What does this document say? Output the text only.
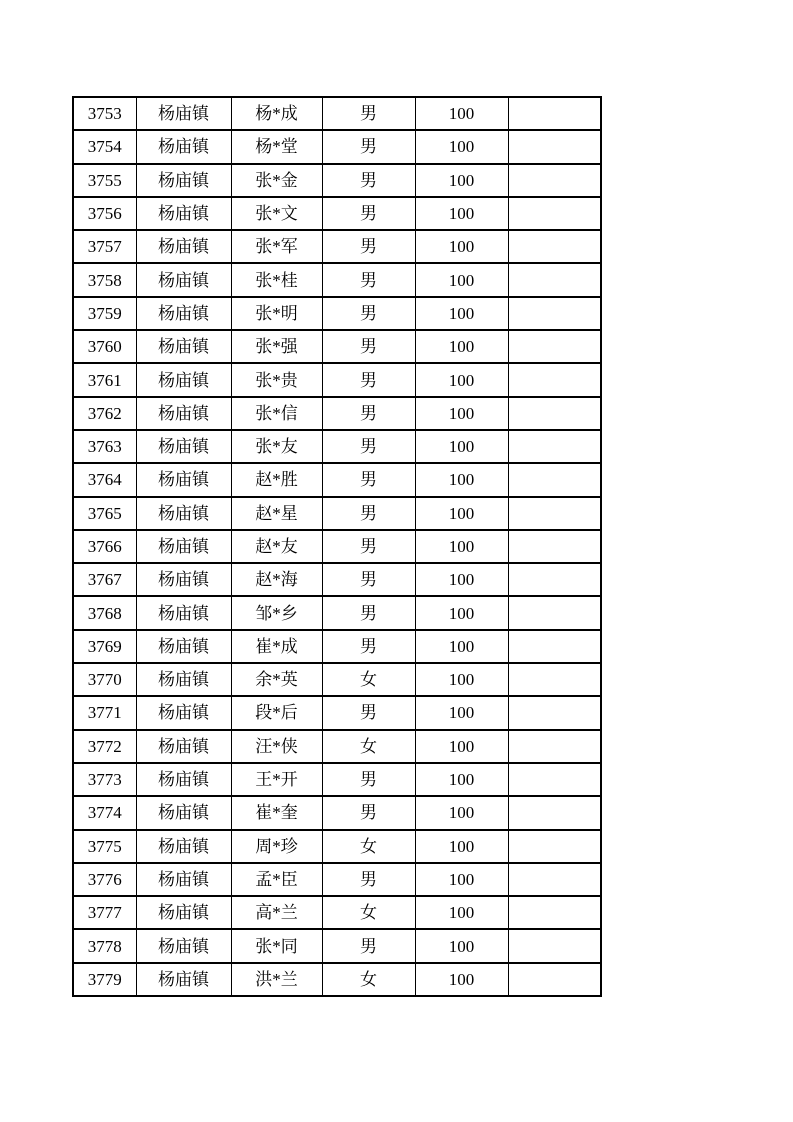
3753	杨庙镇	杨*成	男	100	
3754	杨庙镇	杨*堂	男	100	
3755	杨庙镇	张*金	男	100	
3756	杨庙镇	张*文	男	100	
3757	杨庙镇	张*军	男	100	
3758	杨庙镇	张*桂	男	100	
3759	杨庙镇	张*明	男	100	
3760	杨庙镇	张*强	男	100	
3761	杨庙镇	张*贵	男	100	
3762	杨庙镇	张*信	男	100	
3763	杨庙镇	张*友	男	100	
3764	杨庙镇	赵*胜	男	100	
3765	杨庙镇	赵*星	男	100	
3766	杨庙镇	赵*友	男	100	
3767	杨庙镇	赵*海	男	100	
3768	杨庙镇	邹*乡	男	100	
3769	杨庙镇	崔*成	男	100	
3770	杨庙镇	余*英	女	100	
3771	杨庙镇	段*后	男	100	
3772	杨庙镇	汪*侠	女	100	
3773	杨庙镇	王*开	男	100	
3774	杨庙镇	崔*奎	男	100	
3775	杨庙镇	周*珍	女	100	
3776	杨庙镇	孟*臣	男	100	
3777	杨庙镇	高*兰	女	100	
3778	杨庙镇	张*同	男	100	
3779	杨庙镇	洪*兰	女	100	
